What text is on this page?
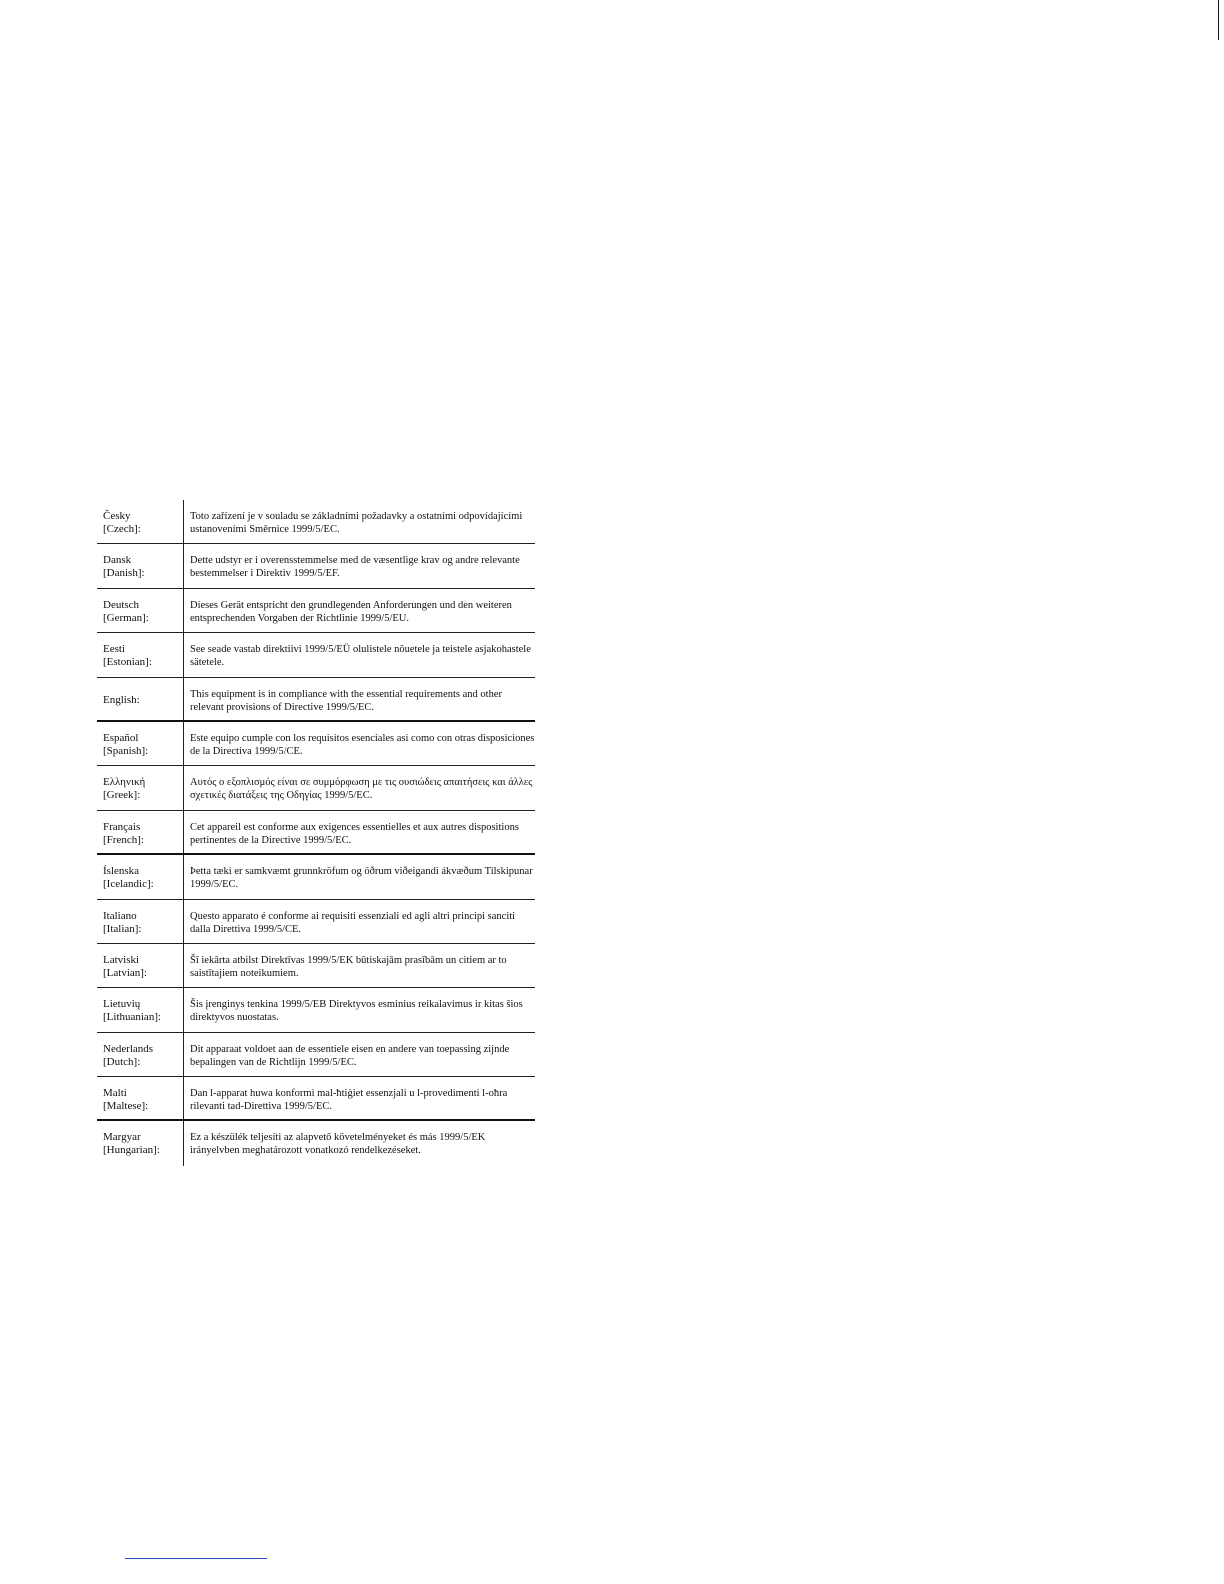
Česky
[Czech]:
Toto zařízení je v souladu se základními požadavky a ostatními odpovídajícími ustanoveními Směrnice 1999/5/EC.
Dansk
[Danish]:
Dette udstyr er i overensstemmelse med de væsentlige krav og andre relevante bestemmelser i Direktiv 1999/5/EF.
Deutsch
[German]:
Dieses Gerät entspricht den grundlegenden Anforderungen und den weiteren entsprechenden Vorgaben der Richtlinie 1999/5/EU.
Eesti
[Estonian]:
See seade vastab direktiivi 1999/5/EÜ olulistele nõuetele ja teistele asjakohastele sätetele.
English:	This equipment is in compliance with the essential requirements and other relevant provisions of Directive 1999/5/EC.
Español
[Spanish]:
Este equipo cumple con los requisitos esenciales asi como con otras disposiciones de la Directiva 1999/5/CE.
Ελληνική
[Greek]:
Αυτός ο εξοπλισμός είναι σε συμμόρφωση με τις ουσιώδεις απαιτήσεις και άλλες σχετικές διατάξεις της Οδηγίας 1999/5/EC.
Français
[French]:
Cet appareil est conforme aux exigences essentielles et aux autres dispositions pertinentes de la Directive 1999/5/EC.
Íslenska
[Icelandic]:
Þetta tæki er samkvæmt grunnkröfum og öðrum viðeigandi ákvæðum Tilskipunar 1999/5/EC.
Italiano
[Italian]:
Questo apparato é conforme ai requisiti essenziali ed agli altri principi sanciti dalla Direttiva 1999/5/CE.
Latviski
[Latvian]:
Šī iekārta atbilst Direktīvas 1999/5/EK būtiskajām prasībām un citiem ar to saistītajiem noteikumiem.
Lietuvių
[Lithuanian]:
Šis įrenginys tenkina 1999/5/EB Direktyvos esminius reikalavimus ir kitas šios direktyvos nuostatas.
Nederlands
[Dutch]:
Dit apparaat voldoet aan de essentiele eisen en andere van toepassing zijnde bepalingen van de Richtlijn 1999/5/EC.
Malti
[Maltese]:
Dan l-apparat huwa konformi mal-ħtiġiet essenzjali u l-provedimenti l-oħra rilevanti tad-Direttiva 1999/5/EC.
Margyar
[Hungarian]:
Ez a készülék teljesíti az alapvető követelményeket és más 1999/5/EK irányelvben meghatározott vonatkozó rendelkezéseket.
